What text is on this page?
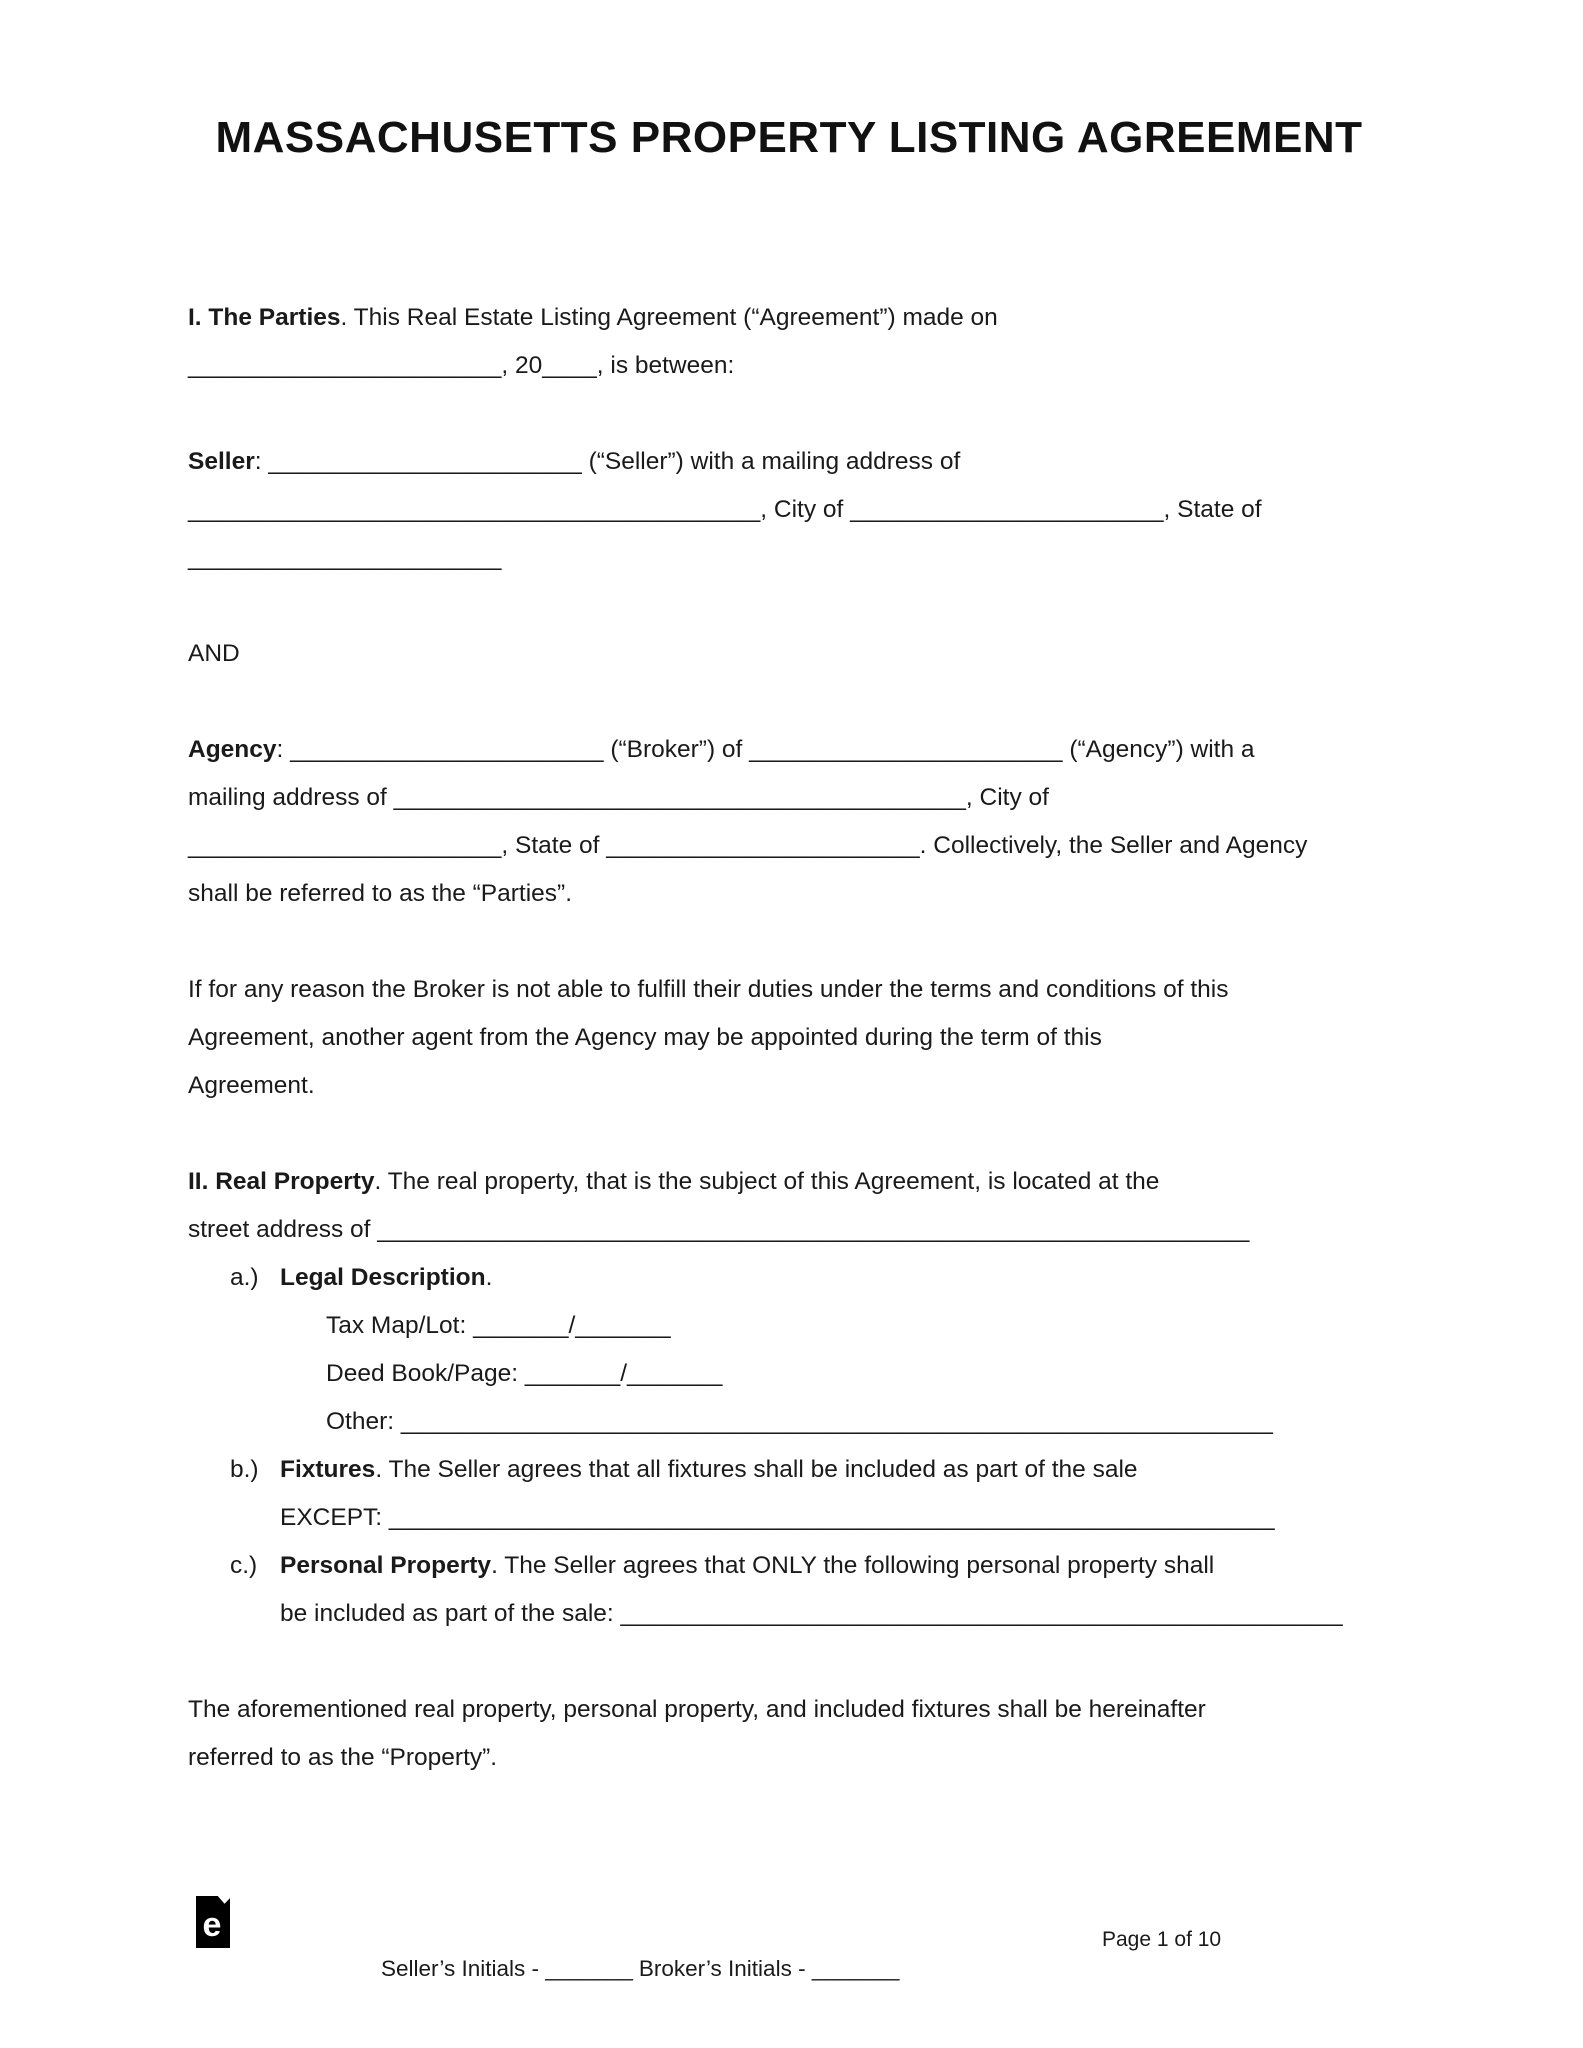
MASSACHUSETTS PROPERTY LISTING AGREEMENT
I. The Parties. This Real Estate Listing Agreement (“Agreement”) made on
_______________________, 20____, is between:
Seller: _______________________ (“Seller”) with a mailing address of
__________________________________________, City of _______________________, State of
_______________________
AND
Agency: _______________________ (“Broker”) of _______________________ (“Agency”) with a
mailing address of __________________________________________, City of
_______________________, State of _______________________. Collectively, the Seller and Agency
shall be referred to as the “Parties”.
If for any reason the Broker is not able to fulfill their duties under the terms and conditions of this
Agreement, another agent from the Agency may be appointed during the term of this
Agreement.
II. Real Property. The real property, that is the subject of this Agreement, is located at the
street address of ________________________________________________________________
a.) Legal Description.
Tax Map/Lot: _______/_______
Deed Book/Page: _______/_______
Other: ________________________________________________________________
b.) Fixtures. The Seller agrees that all fixtures shall be included as part of the sale
EXCEPT: _________________________________________________________________
c.) Personal Property. The Seller agrees that ONLY the following personal property shall
be included as part of the sale: _____________________________________________________
The aforementioned real property, personal property, and included fixtures shall be hereinafter
referred to as the “Property”.
e

Seller’s Initials - _______ Broker’s Initials - _______

Page 1 of 10
